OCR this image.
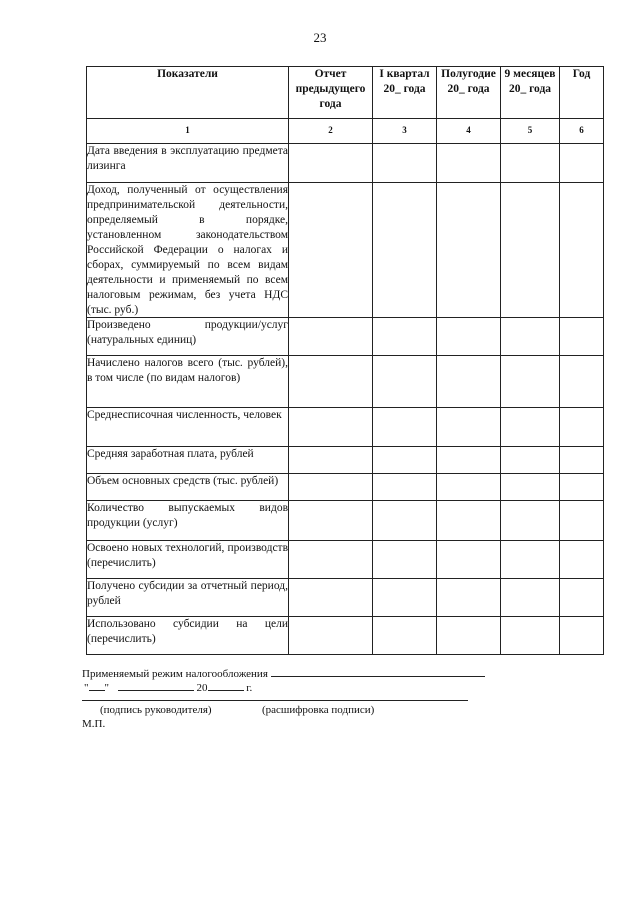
23
Показатели	Отчет предыдущего года	I квартал 20_ года	Полугодие 20_ года	9 месяцев 20_ года	Год
1	2	3	4	5	6
Дата введения в эксплуатацию предмета лизинга					
Доход, полученный от осуществления предпринимательской деятельности, определяемый в порядке, установленном законодательством Российской Федерации о налогах и сборах, суммируемый по всем видам деятельности и применяемый по всем налоговым режимам, без учета НДС (тыс. руб.)					
Произведено продукции/услуг (натуральных единиц)					
Начислено налогов всего (тыс. рублей), в том числе (по видам налогов)					
Среднесписочная численность, человек					
Средняя заработная плата, рублей					
Объем основных средств (тыс. рублей)					
Количество выпускаемых видов продукции (услуг)					
Освоено новых технологий, производств (перечислить)					
Получено субсидии за отчетный период, рублей					
Использовано субсидии на цели (перечислить)					
Применяемый режим налогообложения
" "	20	г.
(подпись руководителя)	(расшифровка подписи)
М.П.
